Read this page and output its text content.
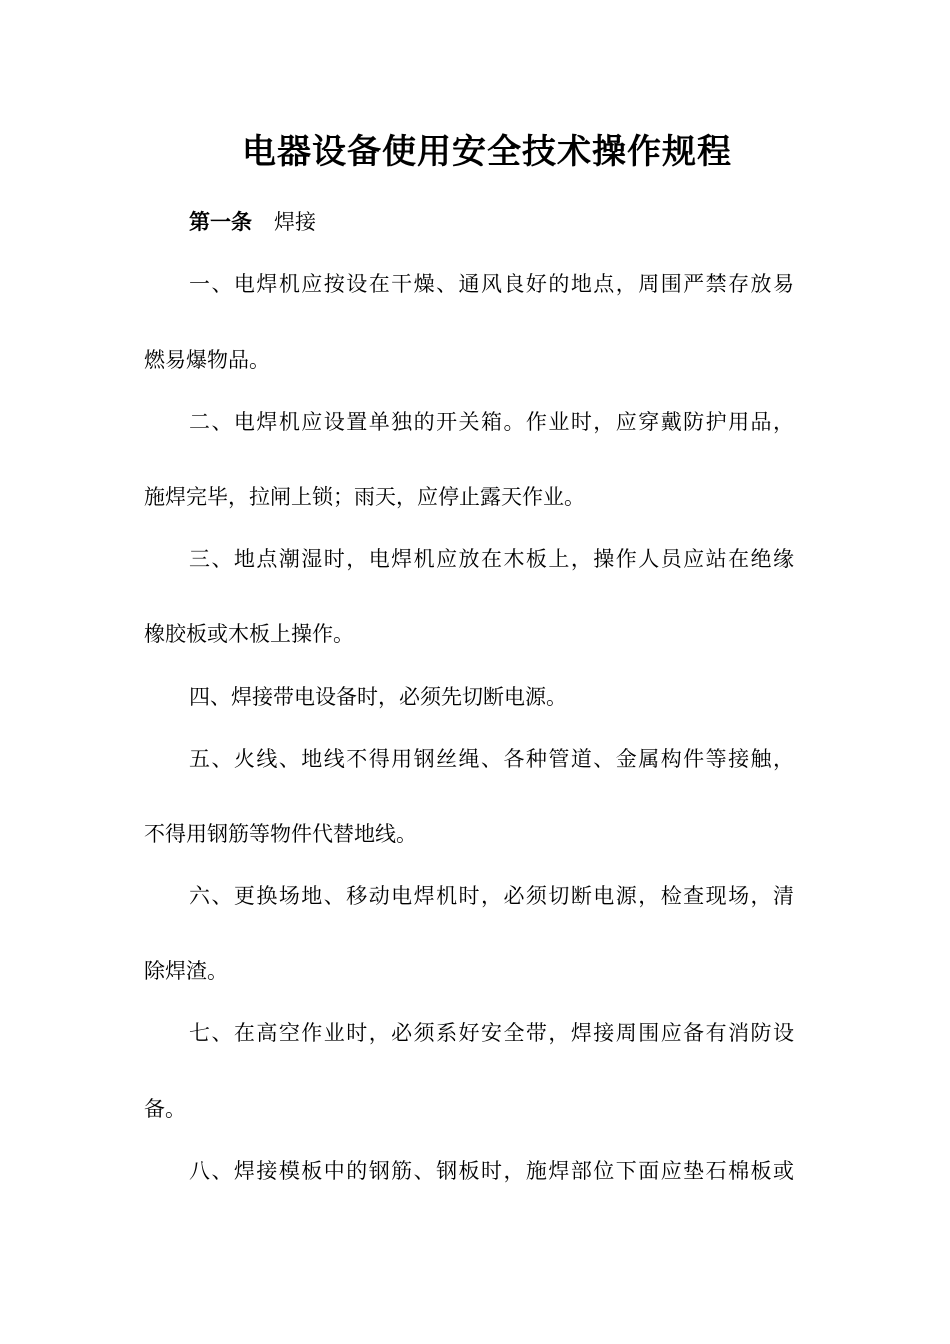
电器设备使用安全技术操作规程
第一条 焊接
一、电焊机应按设在干燥、通风良好的地点，周围严禁存放易
燃易爆物品。
二、电焊机应设置单独的开关箱。作业时，应穿戴防护用品，
施焊完毕，拉闸上锁；雨天，应停止露天作业。
三、地点潮湿时，电焊机应放在木板上，操作人员应站在绝缘
橡胶板或木板上操作。
四、焊接带电设备时，必须先切断电源。
五、火线、地线不得用钢丝绳、各种管道、金属构件等接触，
不得用钢筋等物件代替地线。
六、更换场地、移动电焊机时，必须切断电源，检查现场，清
除焊渣。
七、在高空作业时，必须系好安全带，焊接周围应备有消防设
备。
八、焊接模板中的钢筋、钢板时，施焊部位下面应垫石棉板或
